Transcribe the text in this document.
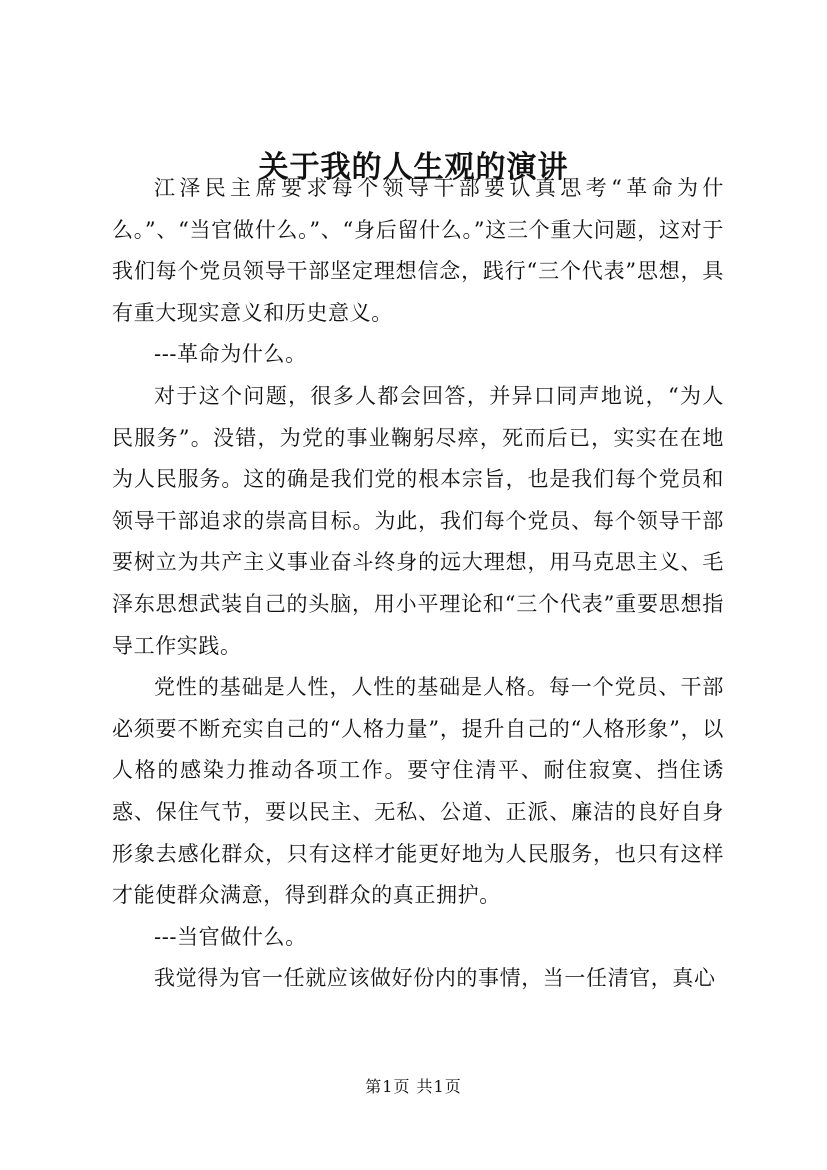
关于我的人生观的演讲

江泽民主席要求每个领导干部要认真思考“革命为什么。”、“当官做什么。”、“身后留什么。”这三个重大问题，这对于我们每个党员领导干部坚定理想信念，践行“三个代表”思想，具有重大现实意义和历史意义。

---革命为什么。

对于这个问题，很多人都会回答，并异口同声地说，“为人民服务”。没错，为党的事业鞠躬尽瘁，死而后已，实实在在地为人民服务。这的确是我们党的根本宗旨，也是我们每个党员和领导干部追求的崇高目标。为此，我们每个党员、每个领导干部要树立为共产主义事业奋斗终身的远大理想，用马克思主义、毛泽东思想武装自己的头脑，用小平理论和“三个代表”重要思想指导工作实践。

党性的基础是人性，人性的基础是人格。每一个党员、干部必须要不断充实自己的“人格力量”，提升自己的“人格形象”，以人格的感染力推动各项工作。要守住清平、耐住寂寞、挡住诱惑、保住气节，要以民主、无私、公道、正派、廉洁的良好自身形象去感化群众，只有这样才能更好地为人民服务，也只有这样才能使群众满意，得到群众的真正拥护。

---当官做什么。

我觉得为官一任就应该做好份内的事情，当一任清官，真心

第1页 共1页
